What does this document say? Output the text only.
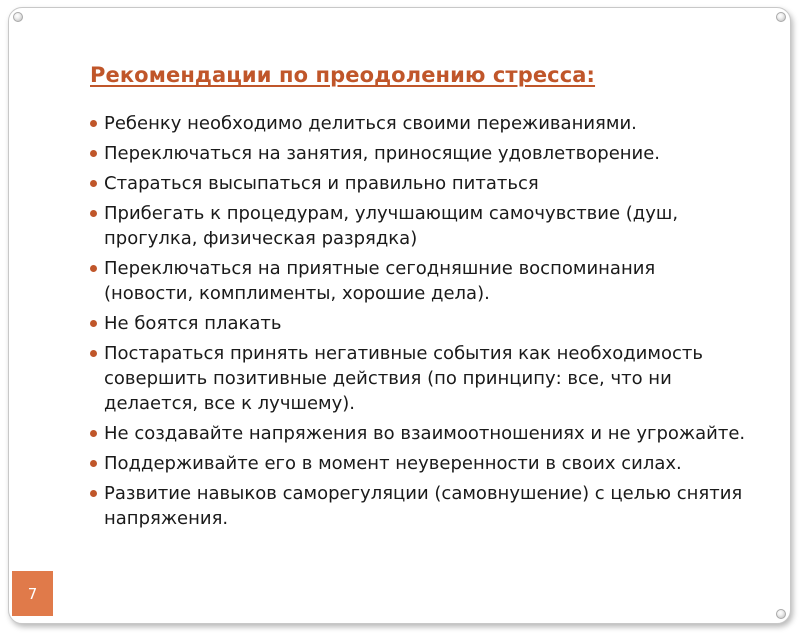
Рекомендации по преодолению стресса:
Ребенку необходимо делиться своими переживаниями.
Переключаться на занятия, приносящие удовлетворение.
Стараться высыпаться и правильно питаться
Прибегать к процедурам, улучшающим самочувствие (душ, прогулка, физическая разрядка)
Переключаться на приятные сегодняшние воспоминания (новости, комплименты, хорошие дела).
Не боятся плакать
Постараться принять негативные события как необходимость совершить позитивные действия (по принципу: все, что ни делается, все к лучшему).
Не создавайте напряжения во взаимоотношениях и не угрожайте.
Поддерживайте его в момент неуверенности в своих силах.
Развитие навыков саморегуляции (самовнушение) с целью снятия напряжения.
7
